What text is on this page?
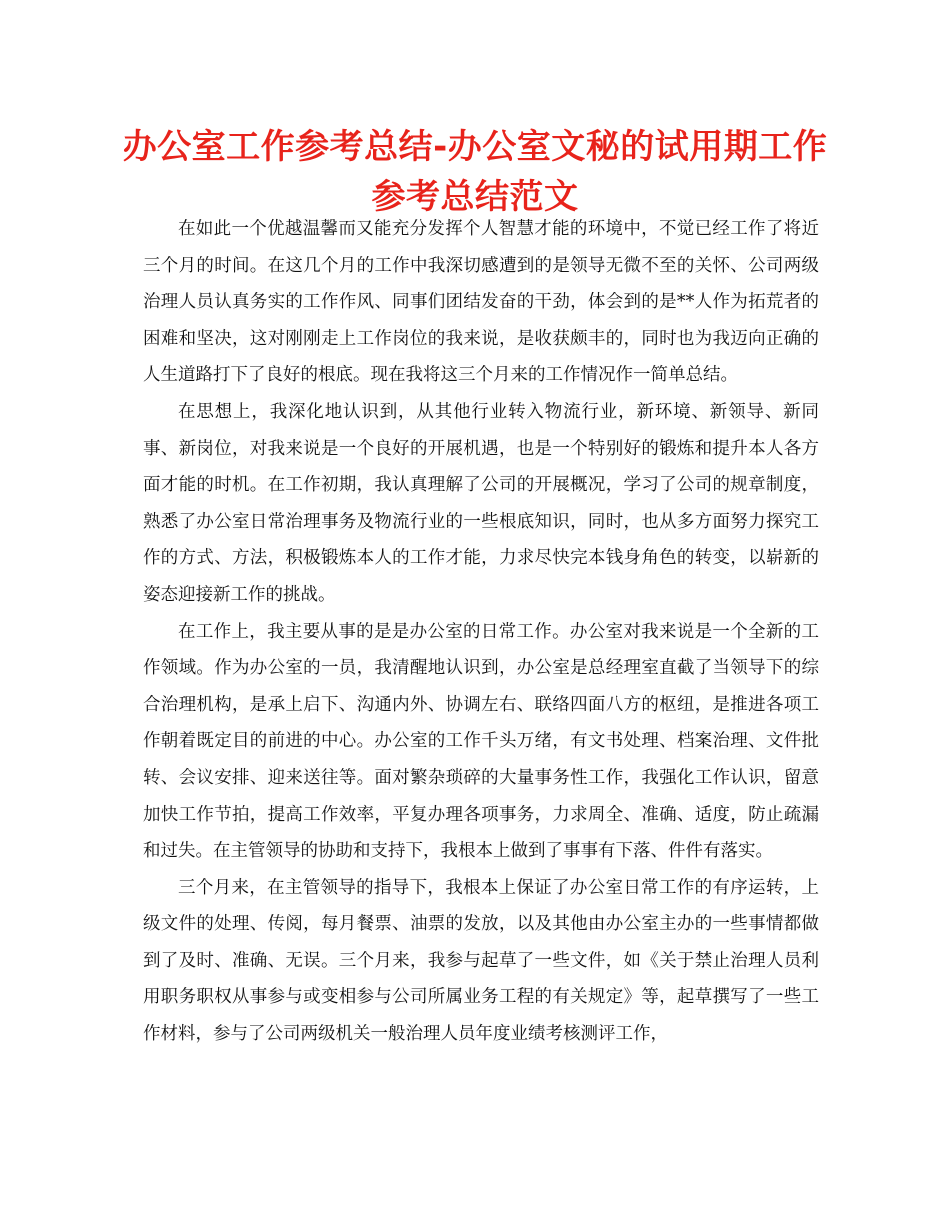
办公室工作参考总结-办公室文秘的试用期工作参考总结范文

在如此一个优越温馨而又能充分发挥个人智慧才能的环境中，不觉已经工作了将近三个月的时间。在这几个月的工作中我深切感遭到的是领导无微不至的关怀、公司两级治理人员认真务实的工作作风、同事们团结发奋的干劲，体会到的是**人作为拓荒者的困难和坚决，这对刚刚走上工作岗位的我来说，是收获颇丰的，同时也为我迈向正确的人生道路打下了良好的根底。现在我将这三个月来的工作情况作一简单总结。

在思想上，我深化地认识到，从其他行业转入物流行业，新环境、新领导、新同事、新岗位，对我来说是一个良好的开展机遇，也是一个特别好的锻炼和提升本人各方面才能的时机。在工作初期，我认真理解了公司的开展概况，学习了公司的规章制度，熟悉了办公室日常治理事务及物流行业的一些根底知识，同时，也从多方面努力探究工作的方式、方法，积极锻炼本人的工作才能，力求尽快完本钱身角色的转变，以崭新的姿态迎接新工作的挑战。

在工作上，我主要从事的是是办公室的日常工作。办公室对我来说是一个全新的工作领域。作为办公室的一员，我清醒地认识到，办公室是总经理室直截了当领导下的综合治理机构，是承上启下、沟通内外、协调左右、联络四面八方的枢纽，是推进各项工作朝着既定目的前进的中心。办公室的工作千头万绪，有文书处理、档案治理、文件批转、会议安排、迎来送往等。面对繁杂琐碎的大量事务性工作，我强化工作认识，留意加快工作节拍，提高工作效率，平复办理各项事务，力求周全、准确、适度，防止疏漏和过失。在主管领导的协助和支持下，我根本上做到了事事有下落、件件有落实。

三个月来，在主管领导的指导下，我根本上保证了办公室日常工作的有序运转，上级文件的处理、传阅，每月餐票、油票的发放，以及其他由办公室主办的一些事情都做到了及时、准确、无误。三个月来，我参与起草了一些文件，如《关于禁止治理人员利用职务职权从事参与或变相参与公司所属业务工程的有关规定》等，起草撰写了一些工作材料，参与了公司两级机关一般治理人员年度业绩考核测评工作，
